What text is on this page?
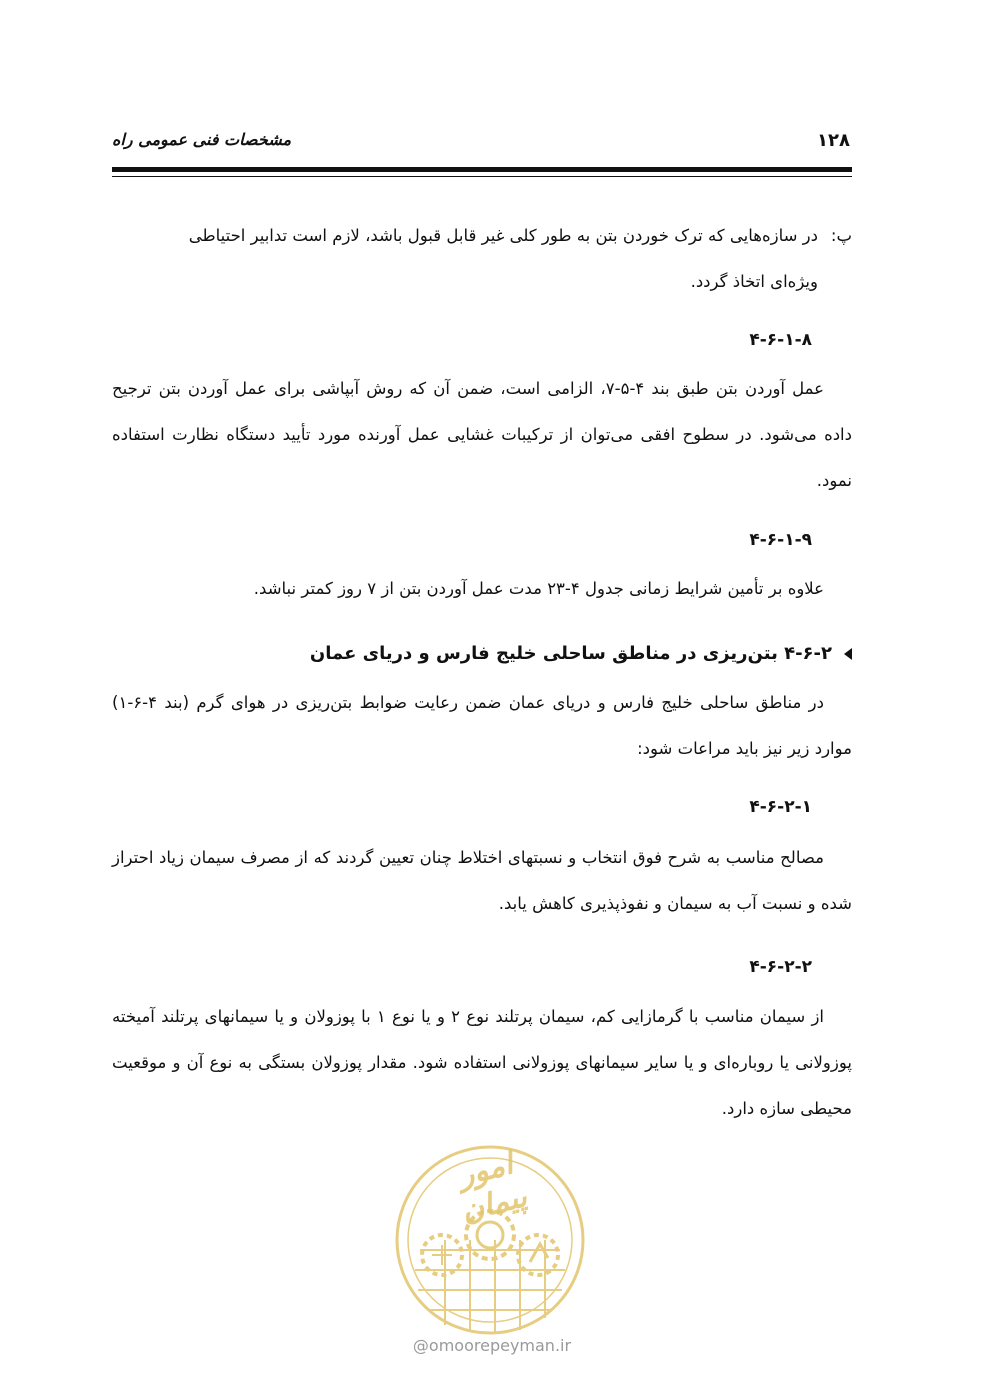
۱۲۸
مشخصات فنی عمومی راه

پ:در سازه‌هایی که ترک خوردن بتن به طور کلی غیر قابل قبول باشد، لازم است تدابیر احتیاطی

ویژه‌ای اتخاذ گردد.

۴-۶-۱-۸
عمل آوردن بتن طبق بند ۴-۵-۷، الزامی است، ضمن آن که روش آبپاشی برای عمل آوردن بتن ترجیح داده می‌شود. در سطوح افقی می‌توان از ترکیبات غشایی عمل آورنده مورد تأیید دستگاه نظارت استفاده نمود.
۴-۶-۱-۹
علاوه بر تأمین شرایط زمانی جدول ۴-۲۳ مدت عمل آوردن بتن از ۷ روز کمتر نباشد.
۴-۶-۲ بتن‌ریزی در مناطق ساحلی خلیج فارس و دریای عمان
در مناطق ساحلی خلیج فارس و دریای عمان ضمن رعایت ضوابط بتن‌ریزی در هوای گرم (بند ۴-۶-۱) موارد زیر نیز باید مراعات شود:
۴-۶-۲-۱
مصالح مناسب به شرح فوق انتخاب و نسبتهای اختلاط چنان تعیین گردند که از مصرف سیمان زیاد احتراز شده و نسبت آب به سیمان و نفوذپذیری کاهش یابد.
۴-۶-۲-۲
از سیمان مناسب با گرمازایی کم، سیمان پرتلند نوع ۲ و یا نوع ۱ با پوزولان و یا سیمانهای پرتلند آمیخته پوزولانی یا روباره‌ای و یا سایر سیمانهای پوزولانی استفاده شود. مقدار پوزولان بستگی به نوع آن و موقعیت محیطی سازه دارد.
امور پیمان
@omoorepeyman.ir
